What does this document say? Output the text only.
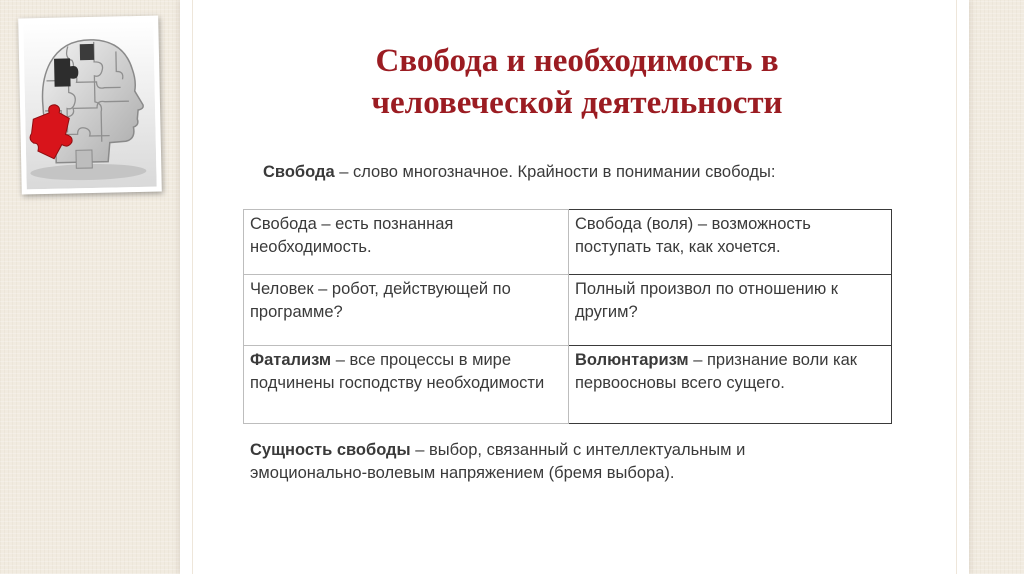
Свобода и необходимость в
человеческой деятельности
Свобода – слово многозначное. Крайности в понимании свободы:
Свобода – есть познанная необходимость.	Свобода (воля) – возможность поступать так, как хочется.
Человек – робот, действующей по программе?	Полный произвол по отношению к другим?
Фатализм – все процессы в мире подчинены господству необходимости	Волюнтаризм – признание воли как первоосновы всего сущего.
Сущность свободы – выбор, связанный с интеллектуальным и эмоционально-волевым напряжением (бремя выбора).
